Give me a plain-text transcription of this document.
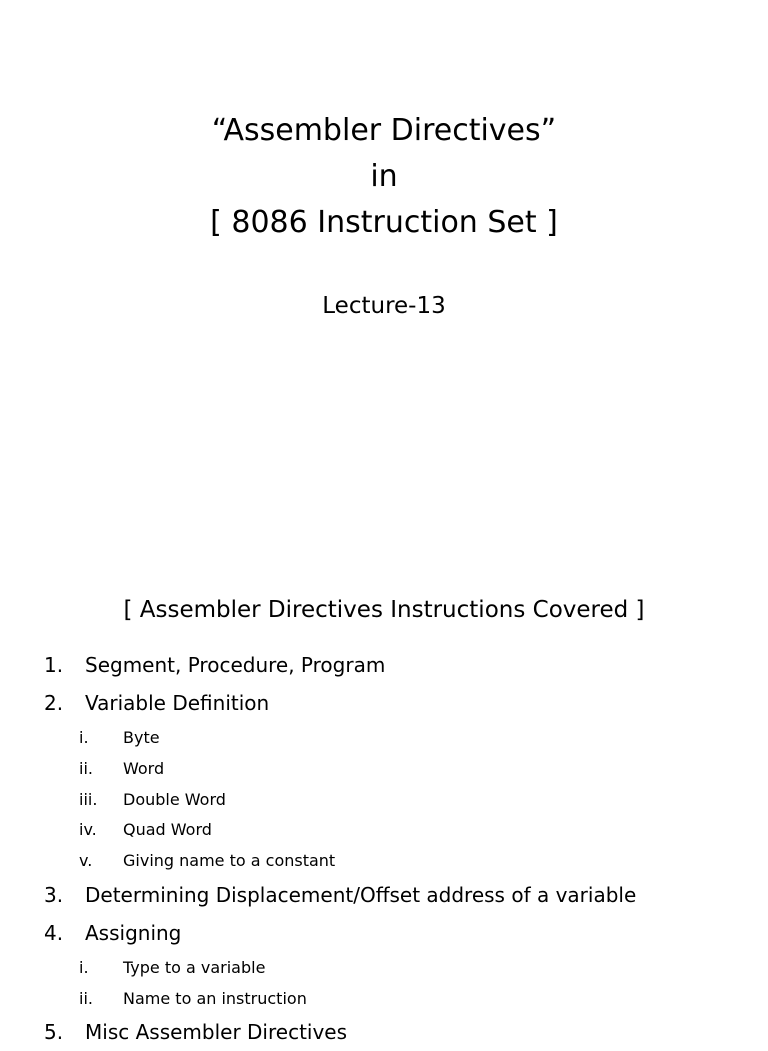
“Assembler Directives”
in
[ 8086 Instruction Set ]
Lecture-13
[ Assembler Directives Instructions Covered ]
1.	Segment, Procedure, Program
2.	Variable Definition
i.	Byte
ii.	Word
iii.	Double Word
iv.	Quad Word
v.	Giving name to a constant
3.	Determining Displacement/Offset address of a variable
4.	Assigning
i.	Type to a variable
ii.	Name to an instruction
5.	Misc Assembler Directives
